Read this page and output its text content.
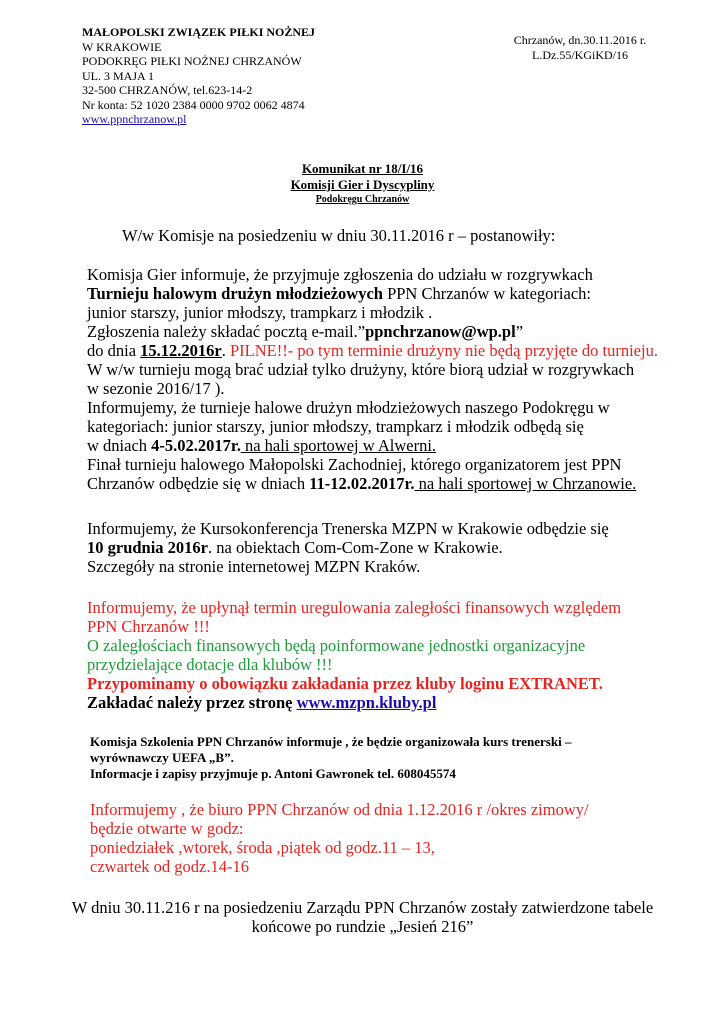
MAŁOPOLSKI ZWIĄZEK PIŁKI NOŻNEJ
W KRAKOWIE
PODOKRĘG PIŁKI NOŻNEJ CHRZANÓW
UL. 3 MAJA 1
32-500 CHRZANÓW, tel.623-14-2
Nr konta: 52 1020 2384 0000 9702 0062 4874
www.ppnchrzanow.pl
Chrzanów, dn.30.11.2016 r.
L.Dz.55/KGiKD/16
Komunikat nr 18/I/16
Komisji Gier i Dyscypliny
Podokręgu Chrzanów
W/w Komisje na posiedzeniu w dniu 30.11.2016 r – postanowiły:
Komisja Gier informuje, że przyjmuje zgłoszenia do udziału w rozgrywkach
Turnieju halowym drużyn młodzieżowych PPN Chrzanów w kategoriach:
junior starszy, junior młodszy, trampkarz i młodzik .
Zgłoszenia należy składać pocztą e-mail.”ppnchrzanow@wp.pl”
do dnia 15.12.2016r. PILNE!!- po tym terminie drużyny nie będą przyjęte do turnieju.
W w/w turnieju mogą brać udział tylko drużyny, które biorą udział w rozgrywkach
w sezonie 2016/17 ).
Informujemy, że turnieje halowe drużyn młodzieżowych naszego Podokręgu w
kategoriach: junior starszy, junior młodszy, trampkarz i młodzik odbędą się
w dniach 4-5.02.2017r. na hali sportowej w Alwerni.
Finał turnieju halowego Małopolski Zachodniej, którego organizatorem jest PPN
Chrzanów odbędzie się w dniach 11-12.02.2017r. na hali sportowej w Chrzanowie.
Informujemy, że Kursokonferencja Trenerska MZPN w Krakowie odbędzie się
10 grudnia 2016r. na obiektach Com-Com-Zone w Krakowie.
Szczegóły na stronie internetowej MZPN Kraków.
Informujemy, że upłynął termin uregulowania zaległości finansowych względem
PPN Chrzanów !!!
O zaległościach finansowych będą poinformowane jednostki organizacyjne
przydzielające dotacje dla klubów !!!
Przypominamy o obowiązku zakładania przez kluby loginu EXTRANET.
Zakładać należy przez stronę www.mzpn.kluby.pl
Komisja Szkolenia PPN Chrzanów informuje , że będzie organizowała kurs trenerski –
wyrównawczy UEFA „B”.
Informacje i zapisy przyjmuje p. Antoni Gawronek tel. 608045574
Informujemy , że biuro PPN Chrzanów od dnia 1.12.2016 r /okres zimowy/
będzie otwarte w godz:
poniedziałek ,wtorek, środa ,piątek od godz.11 – 13,
czwartek od godz.14-16
W dniu 30.11.216 r na posiedzeniu Zarządu PPN Chrzanów zostały zatwierdzone tabele
końcowe po rundzie „Jesień 216”
